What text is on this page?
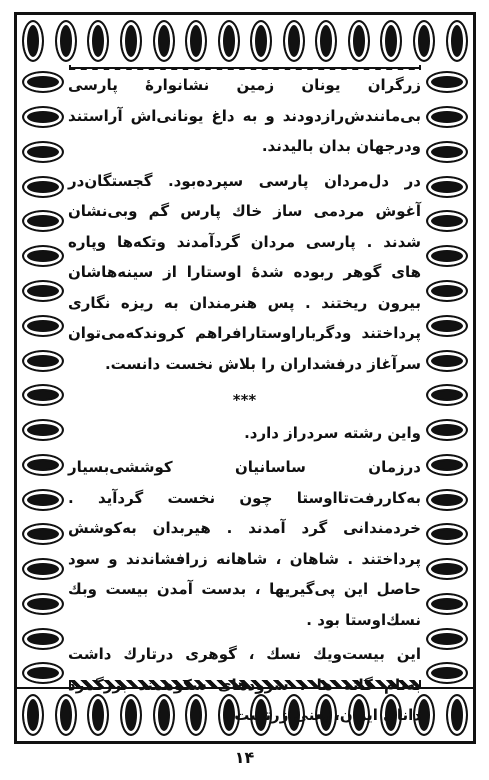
زرگران یونان زمین نشانوارهٔ پارسی بی‌مانندش‌رازدودند و به داغ یونانی‌اش آراستند ودرجهان بدان بالیدند.

در دل‌مردان پارسی سپرده‌بود. گجستگان‌در آغوش مردمی ساز خاك پارس گم وبی‌نشان شدند . پارسی مردان گردآمدند وتکه‌ها وپاره های گوهر ربوده شدهٔ اوستارا از سینه‌هاشان بیرون ریختند . پس هنرمندان به ریزه نگاری پرداختند ودگرباراوستارافراهم کروندکه‌می‌توان سرآغاز درفشداران را بلاش نخست دانست.

***

واین رشته سردراز دارد.

درزمان ساسانیان کوششی‌بسیار به‌کاررفت‌تااوستا چون نخست گردآید . خردمندانی گرد آمدند . هیربدان به‌کوشش پرداختند . شاهان ، شاهانه زرافشاندند و سود حاصل این پی‌گیریها ، بدست آمدن بیست وبك نسك‌اوستا بود .

این بیست‌ویك نسك ، گوهری درتارك داشت به‌نام گاثه ها ، سرودهای شکوهمند بزرگمرد دانای ایران، یعنی زرتشت .

۱۴
